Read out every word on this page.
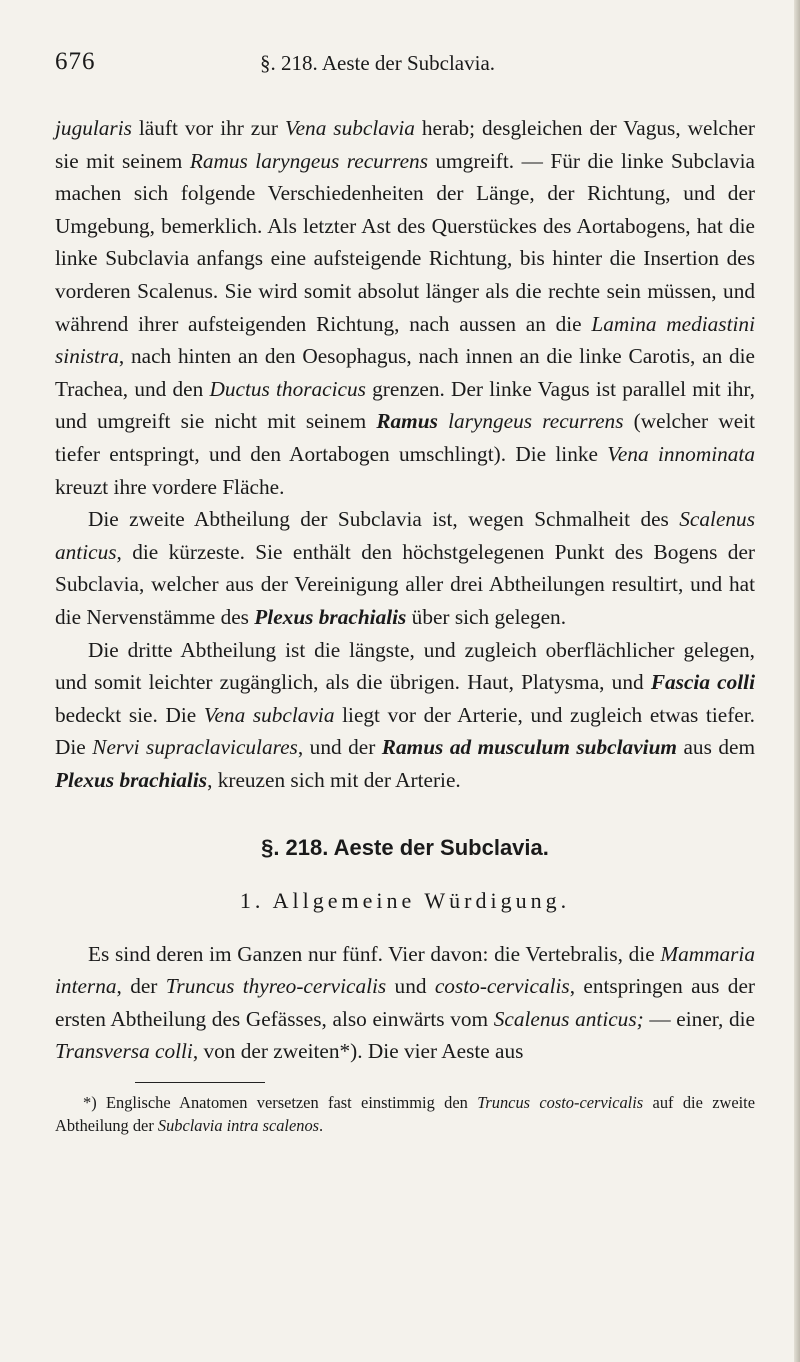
676	§. 218. Aeste der Subclavia.

jugularis läuft vor ihr zur Vena subclavia herab; desgleichen der Vagus, welcher sie mit seinem Ramus laryngeus recurrens umgreift. — Für die linke Subclavia machen sich folgende Verschiedenheiten der Länge, der Richtung, und der Umgebung, bemerklich. Als letzter Ast des Querstückes des Aortabogens, hat die linke Subclavia anfangs eine aufsteigende Richtung, bis hinter die Insertion des vorderen Scalenus. Sie wird somit absolut länger als die rechte sein müssen, und während ihrer aufsteigenden Richtung, nach aussen an die Lamina mediastini sinistra, nach hinten an den Oesophagus, nach innen an die linke Carotis, an die Trachea, und den Ductus thoracicus grenzen. Der linke Vagus ist parallel mit ihr, und umgreift sie nicht mit seinem Ramus laryngeus recurrens (welcher weit tiefer entspringt, und den Aortabogen umschlingt). Die linke Vena innominata kreuzt ihre vordere Fläche.

Die zweite Abtheilung der Subclavia ist, wegen Schmalheit des Scalenus anticus, die kürzeste. Sie enthält den höchstgelegenen Punkt des Bogens der Subclavia, welcher aus der Vereinigung aller drei Abtheilungen resultirt, und hat die Nervenstämme des Plexus brachialis über sich gelegen.

Die dritte Abtheilung ist die längste, und zugleich oberflächlicher gelegen, und somit leichter zugänglich, als die übrigen. Haut, Platysma, und Fascia colli bedeckt sie. Die Vena subclavia liegt vor der Arterie, und zugleich etwas tiefer. Die Nervi supraclaviculares, und der Ramus ad musculum subclavium aus dem Plexus brachialis, kreuzen sich mit der Arterie.

§. 218. Aeste der Subclavia.
1. Allgemeine Würdigung.

Es sind deren im Ganzen nur fünf. Vier davon: die Vertebralis, die Mammaria interna, der Truncus thyreo-cervicalis und costo-cervicalis, entspringen aus der ersten Abtheilung des Gefässes, also einwärts vom Scalenus anticus; — einer, die Transversa colli, von der zweiten*). Die vier Aeste aus

*) Englische Anatomen versetzen fast einstimmig den Truncus costo-cervicalis auf die zweite Abtheilung der Subclavia intra scalenos.
